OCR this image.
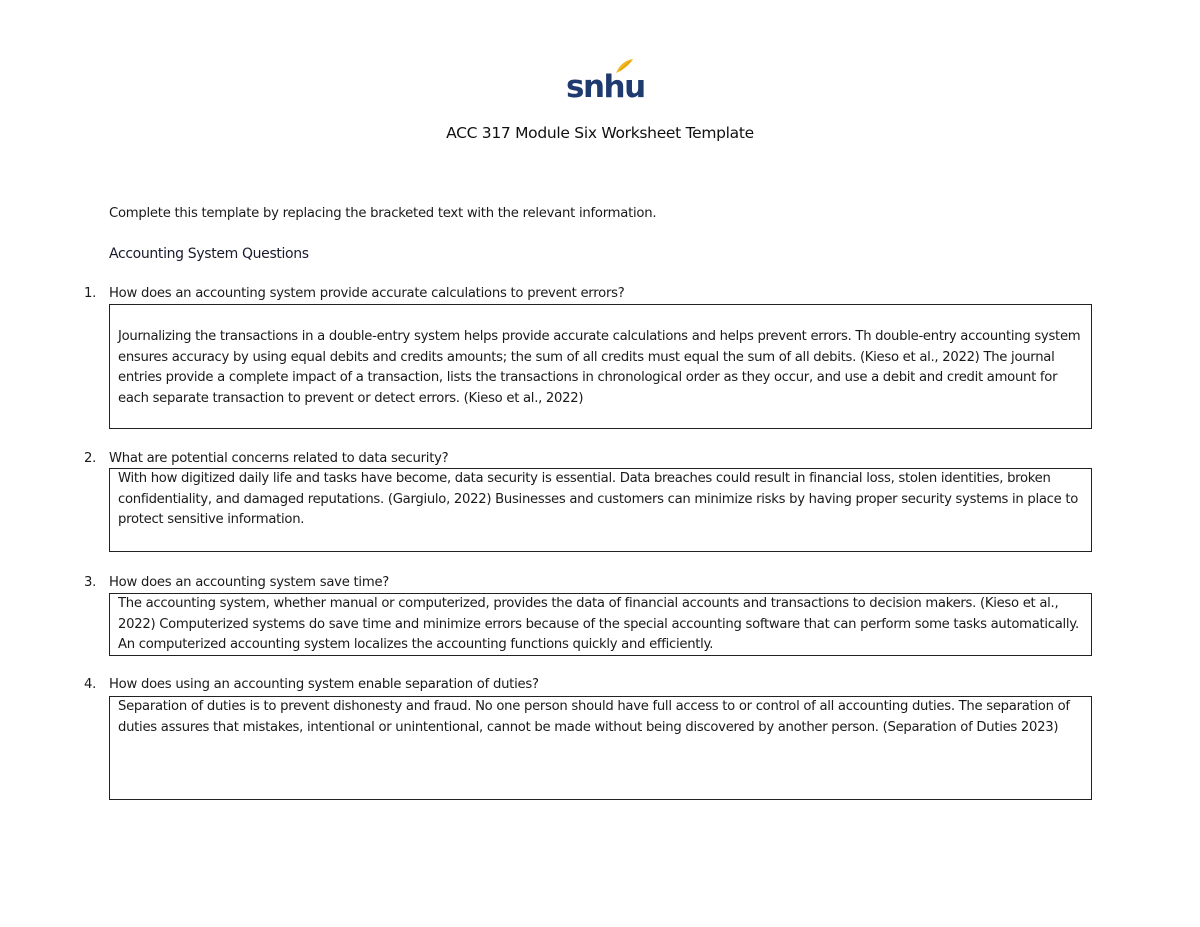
snhu
ACC 317 Module Six Worksheet Template
Complete this template by replacing the bracketed text with the relevant information.
Accounting System Questions
1. How does an accounting system provide accurate calculations to prevent errors?
Journalizing the transactions in a double-entry system helps provide accurate calculations and helps prevent errors. Th double-entry accounting system ensures accuracy by using equal debits and credits amounts; the sum of all credits must equal the sum of all debits. (Kieso et al., 2022) The journal entries provide a complete impact of a transaction, lists the transactions in chronological order as they occur, and use a debit and credit amount for each separate transaction to prevent or detect errors. (Kieso et al., 2022)
2. What are potential concerns related to data security?
With how digitized daily life and tasks have become, data security is essential. Data breaches could result in financial loss, stolen identities, broken confidentiality, and damaged reputations. (Gargiulo, 2022) Businesses and customers can minimize risks by having proper security systems in place to protect sensitive information.
3. How does an accounting system save time?
The accounting system, whether manual or computerized, provides the data of financial accounts and transactions to decision makers. (Kieso et al., 2022) Computerized systems do save time and minimize errors because of the special accounting software that can perform some tasks automatically. An computerized accounting system localizes the accounting functions quickly and efficiently.
4. How does using an accounting system enable separation of duties?
Separation of duties is to prevent dishonesty and fraud. No one person should have full access to or control of all accounting duties. The separation of duties assures that mistakes, intentional or unintentional, cannot be made without being discovered by another person. (Separation of Duties 2023)
